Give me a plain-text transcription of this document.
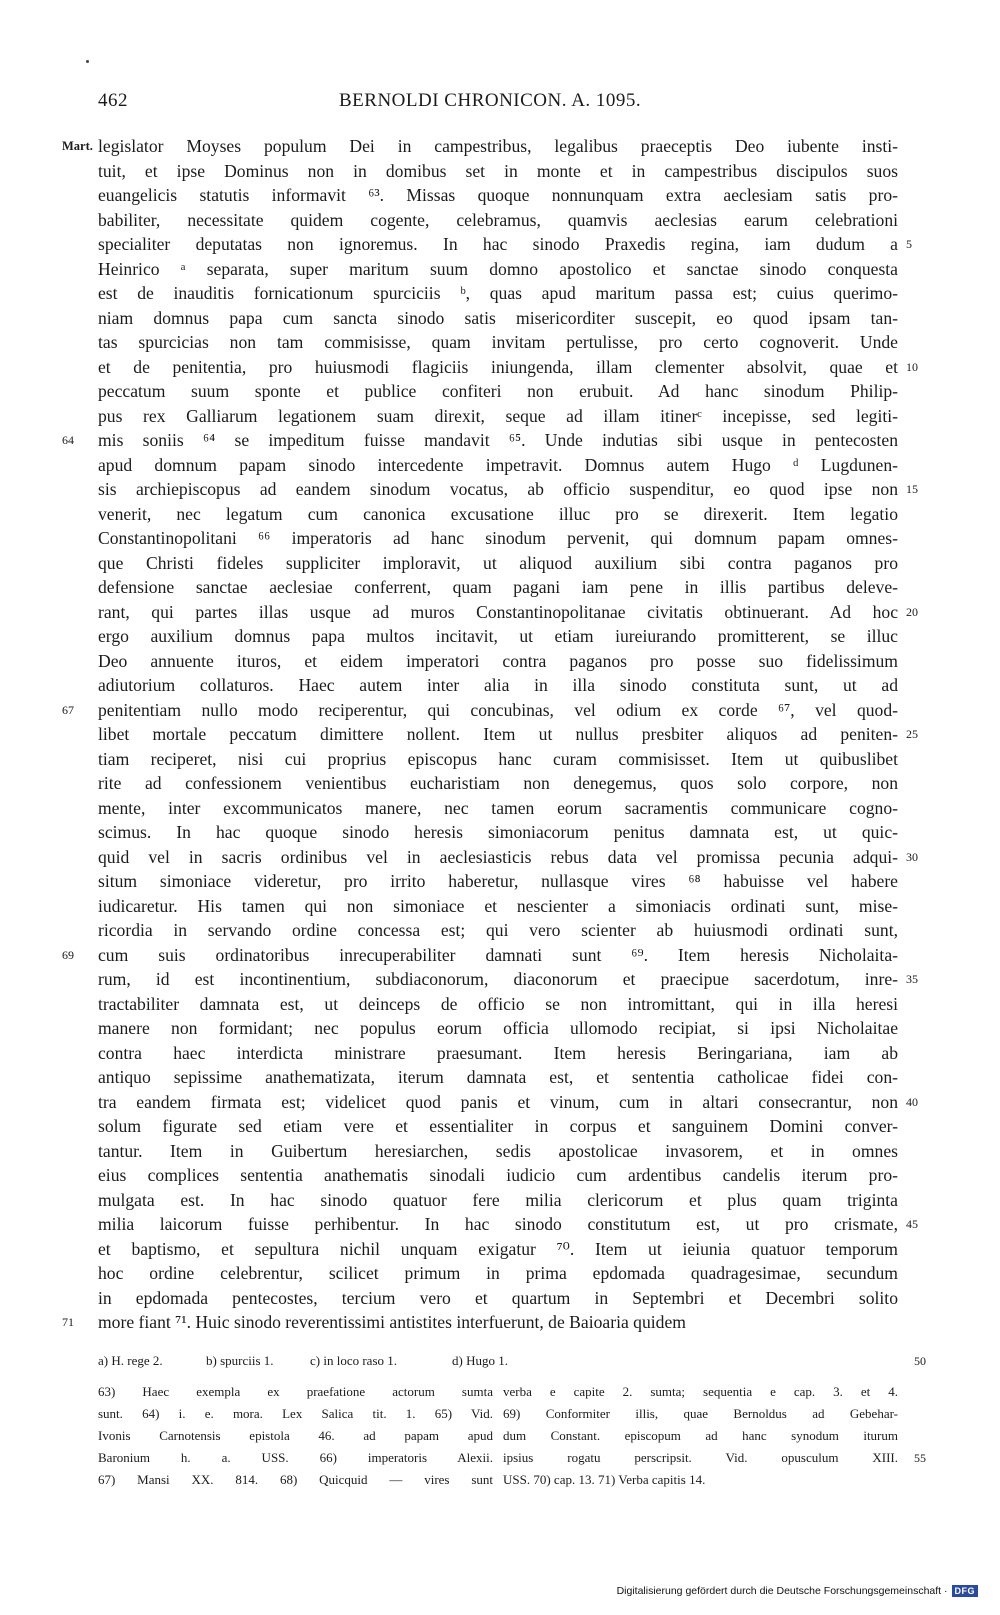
462	BERNOLDI CHRONICON. A. 1095.
legislator Moyses populum Dei in campestribus, legalibus praeceptis Deo iubente insti-
Mart.
tuit, et ipse Dominus non in domibus set in monte et in campestribus discipulos suos
euangelicis statutis informavit ⁶³. Missas quoque nonnunquam extra aeclesiam satis pro-
babiliter, necessitate quidem cogente, celebramus, quamvis aeclesias earum celebrationi
specialiter deputatas non ignoremus. In hac sinodo Praxedis regina, iam dudum a 5
Heinrico ᵃ separata, super maritum suum domno apostolico et sanctae sinodo conquesta
est de inauditis fornicationum spurciciis ᵇ, quas apud maritum passa est; cuius querimo-
niam domnus papa cum sancta sinodo satis misericorditer suscepit, eo quod ipsam tan-
tas spurcicias non tam commisisse, quam invitam pertulisse, pro certo cognoverit. Unde
et de penitentia, pro huiusmodi flagiciis iniungenda, illam clementer absolvit, quae et 10
peccatum suum sponte et publice confiteri non erubuit. Ad hanc sinodum Philip-
pus rex Galliarum legationem suam direxit, seque ad illam itinerᶜ incepisse, sed legiti-
mis soniis ⁶⁴ se impeditum fuisse mandavit ⁶⁵. Unde indutias sibi usque in pentecosten
64
apud domnum papam sinodo intercedente impetravit. Domnus autem Hugo ᵈ Lugdunen-
sis archiepiscopus ad eandem sinodum vocatus, ab officio suspenditur, eo quod ipse non 15
venerit, nec legatum cum canonica excusatione illuc pro se direxerit. Item legatio
Constantinopolitani ⁶⁶ imperatoris ad hanc sinodum pervenit, qui domnum papam omnes-
que Christi fideles suppliciter imploravit, ut aliquod auxilium sibi contra paganos pro
defensione sanctae aeclesiae conferrent, quam pagani iam pene in illis partibus deleve-
rant, qui partes illas usque ad muros Constantinopolitanae civitatis obtinuerant. Ad hoc 20
ergo auxilium domnus papa multos incitavit, ut etiam iureiurando promitterent, se illuc
Deo annuente ituros, et eidem imperatori contra paganos pro posse suo fidelissimum
adiutorium collaturos. Haec autem inter alia in illa sinodo constituta sunt, ut ad
penitentiam nullo modo reciperentur, qui concubinas, vel odium ex corde ⁶⁷, vel quod-
67
libet mortale peccatum dimittere nollent. Item ut nullus presbiter aliquos ad peniten- 25
tiam reciperet, nisi cui proprius episcopus hanc curam commisisset. Item ut quibuslibet
rite ad confessionem venientibus eucharistiam non denegemus, quos solo corpore, non
mente, inter excommunicatos manere, nec tamen eorum sacramentis communicare cogno-
scimus. In hac quoque sinodo heresis simoniacorum penitus damnata est, ut quic-
quid vel in sacris ordinibus vel in aeclesiasticis rebus data vel promissa pecunia adqui- 30
situm simoniace videretur, pro irrito haberetur, nullasque vires ⁶⁸ habuisse vel habere
iudicaretur. His tamen qui non simoniace et nescienter a simoniacis ordinati sunt, mise-
ricordia in servando ordine concessa est; qui vero scienter ab huiusmodi ordinati sunt,
cum suis ordinatoribus inrecuperabiliter damnati sunt ⁶⁹. Item heresis Nicholaita-
69
rum, id est incontinentium, subdiaconorum, diaconorum et praecipue sacerdotum, inre- 35
tractabiliter damnata est, ut deinceps de officio se non intromittant, qui in illa heresi
manere non formidant; nec populus eorum officia ullomodo recipiat, si ipsi Nicholaitae
contra haec interdicta ministrare praesumant. Item heresis Beringariana, iam ab
antiquo sepissime anathematizata, iterum damnata est, et sententia catholicae fidei con-
tra eandem firmata est; videlicet quod panis et vinum, cum in altari consecrantur, non 40
solum figurate sed etiam vere et essentialiter in corpus et sanguinem Domini conver-
tantur. Item in Guibertum heresiarchen, sedis apostolicae invasorem, et in omnes
eius complices sententia anathematis sinodali iudicio cum ardentibus candelis iterum pro-
mulgata est. In hac sinodo quatuor fere milia clericorum et plus quam triginta
milia laicorum fuisse perhibentur. In hac sinodo constitutum est, ut pro crismate, 45
et baptismo, et sepultura nichil unquam exigatur ⁷⁰. Item ut ieiunia quatuor temporum
hoc ordine celebrentur, scilicet primum in prima epdomada quadragesimae, secundum
in epdomada pentecostes, tercium vero et quartum in Septembri et Decembri solito
more fiant ⁷¹. Huic sinodo reverentissimi antistites interfuerunt, de Baioaria quidem
71
a) H. rege 2.	b) spurciis 1.	c) in loco raso 1.	d) Hugo 1.	50
63) Haec exempla ex praefatione actorum sumta
sunt. 64) i. e. mora. Lex Salica tit. 1. 65) Vid.
Ivonis Carnotensis epistola 46. ad papam apud
Baronium h. a. USS. 66) imperatoris Alexii.
67) Mansi XX. 814. 68) Quicquid — vires sunt
verba e capite 2. sumta; sequentia e cap. 3. et 4.
69) Conformiter illis, quae Bernoldus ad Gebehar-
dum Constant. episcopum ad hanc synodum iturum
ipsius rogatu perscripsit. Vid. opusculum XIII.
USS. 70) cap. 13. 71) Verba capitis 14.
55
Digitalisierung gefördert durch die Deutsche Forschungsgemeinschaft · DFG
